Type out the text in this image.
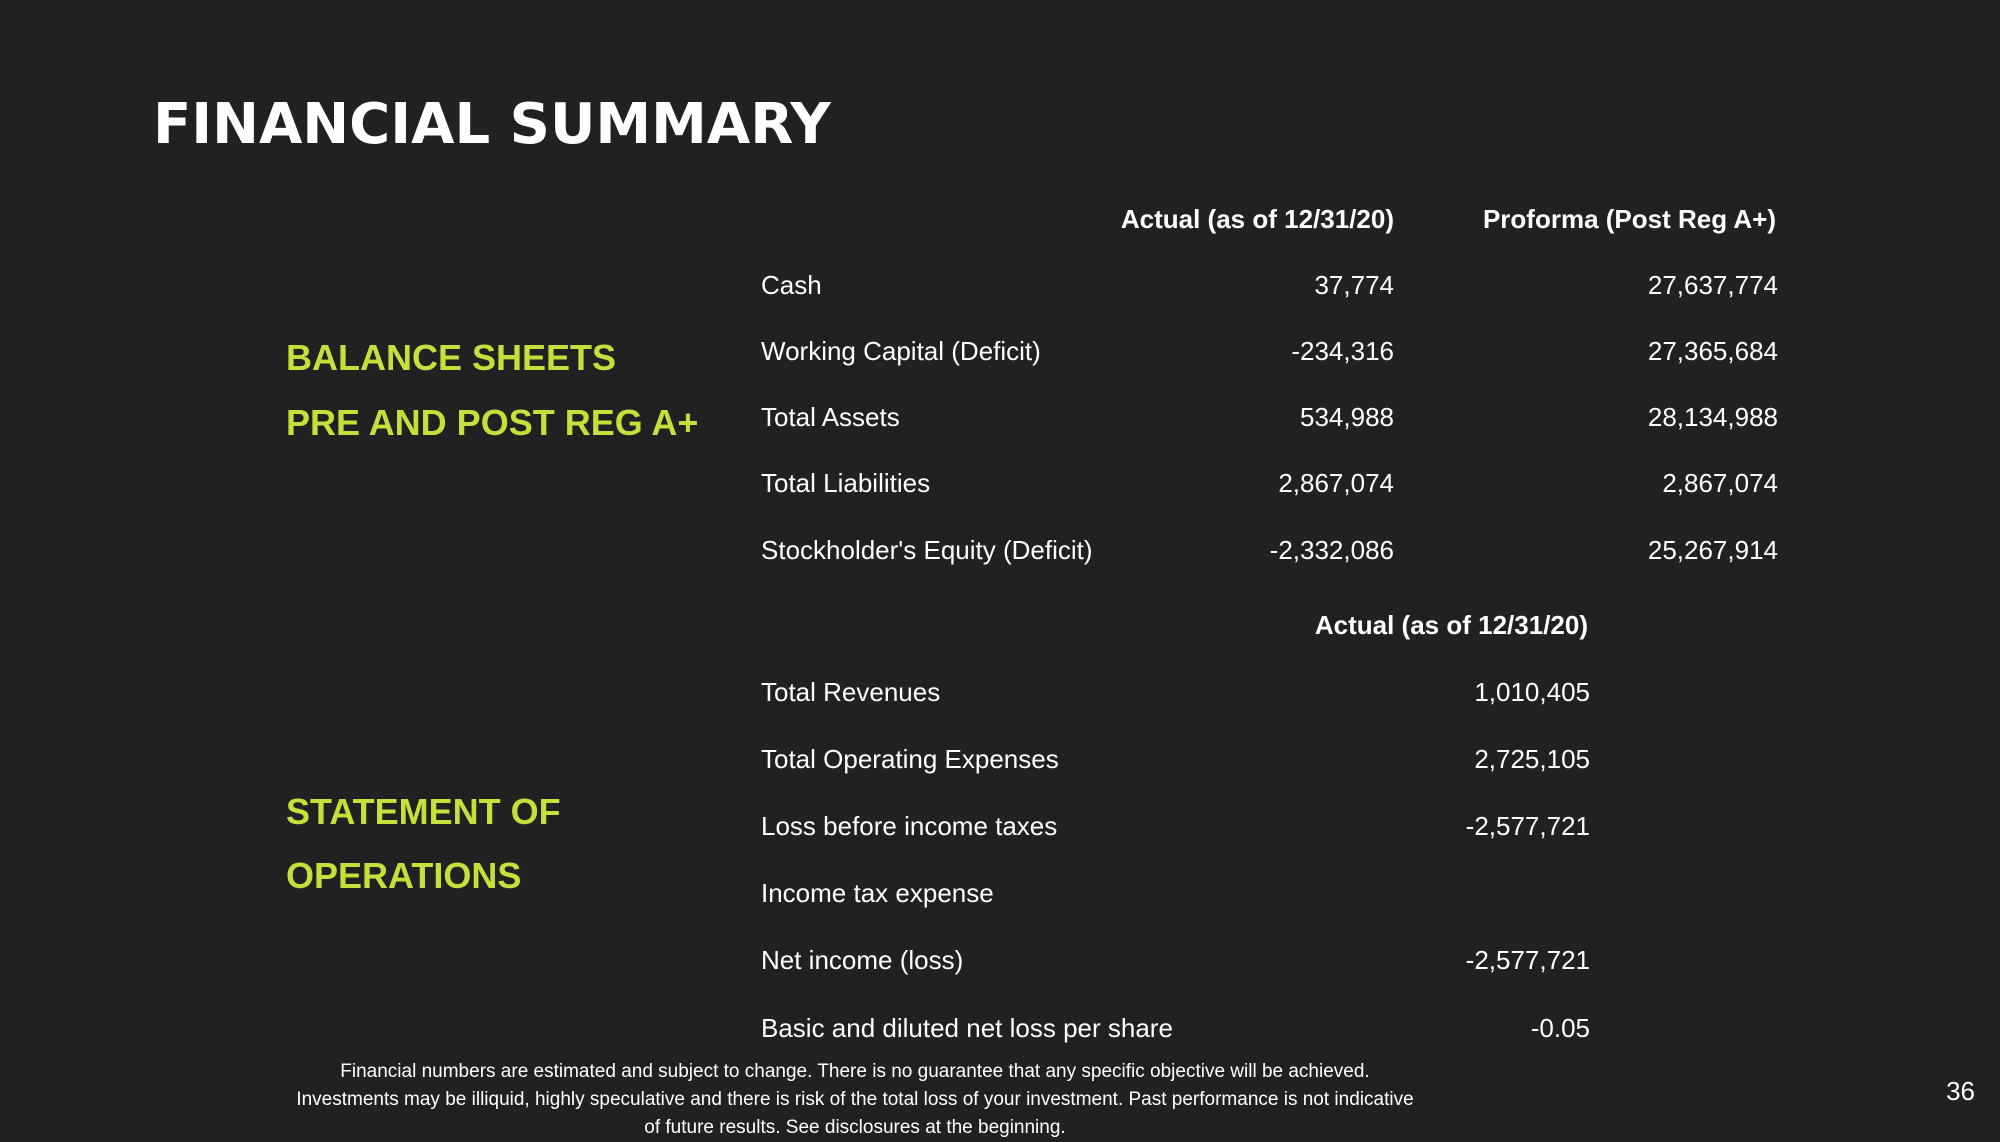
FINANCIAL SUMMARY
BALANCE SHEETS
PRE AND POST REG A+
Actual (as of 12/31/20)	Proforma (Post Reg A+)
Cash	37,774	27,637,774
Working Capital (Deficit)	-234,316	27,365,684
Total Assets	534,988	28,134,988
Total Liabilities	2,867,074	2,867,074
Stockholder's Equity (Deficit)	-2,332,086	25,267,914
STATEMENT OF
OPERATIONS
Actual (as of 12/31/20)
Total Revenues	1,010,405
Total Operating Expenses	2,725,105
Loss before income taxes	-2,577,721
Income tax expense
Net income (loss)	-2,577,721
Basic and diluted net loss per share	-0.05
Financial numbers are estimated and subject to change. There is no guarantee that any specific objective will be achieved. Investments may be illiquid, highly speculative and there is risk of the total loss of your investment. Past performance is not indicative of future results. See disclosures at the beginning.
36
